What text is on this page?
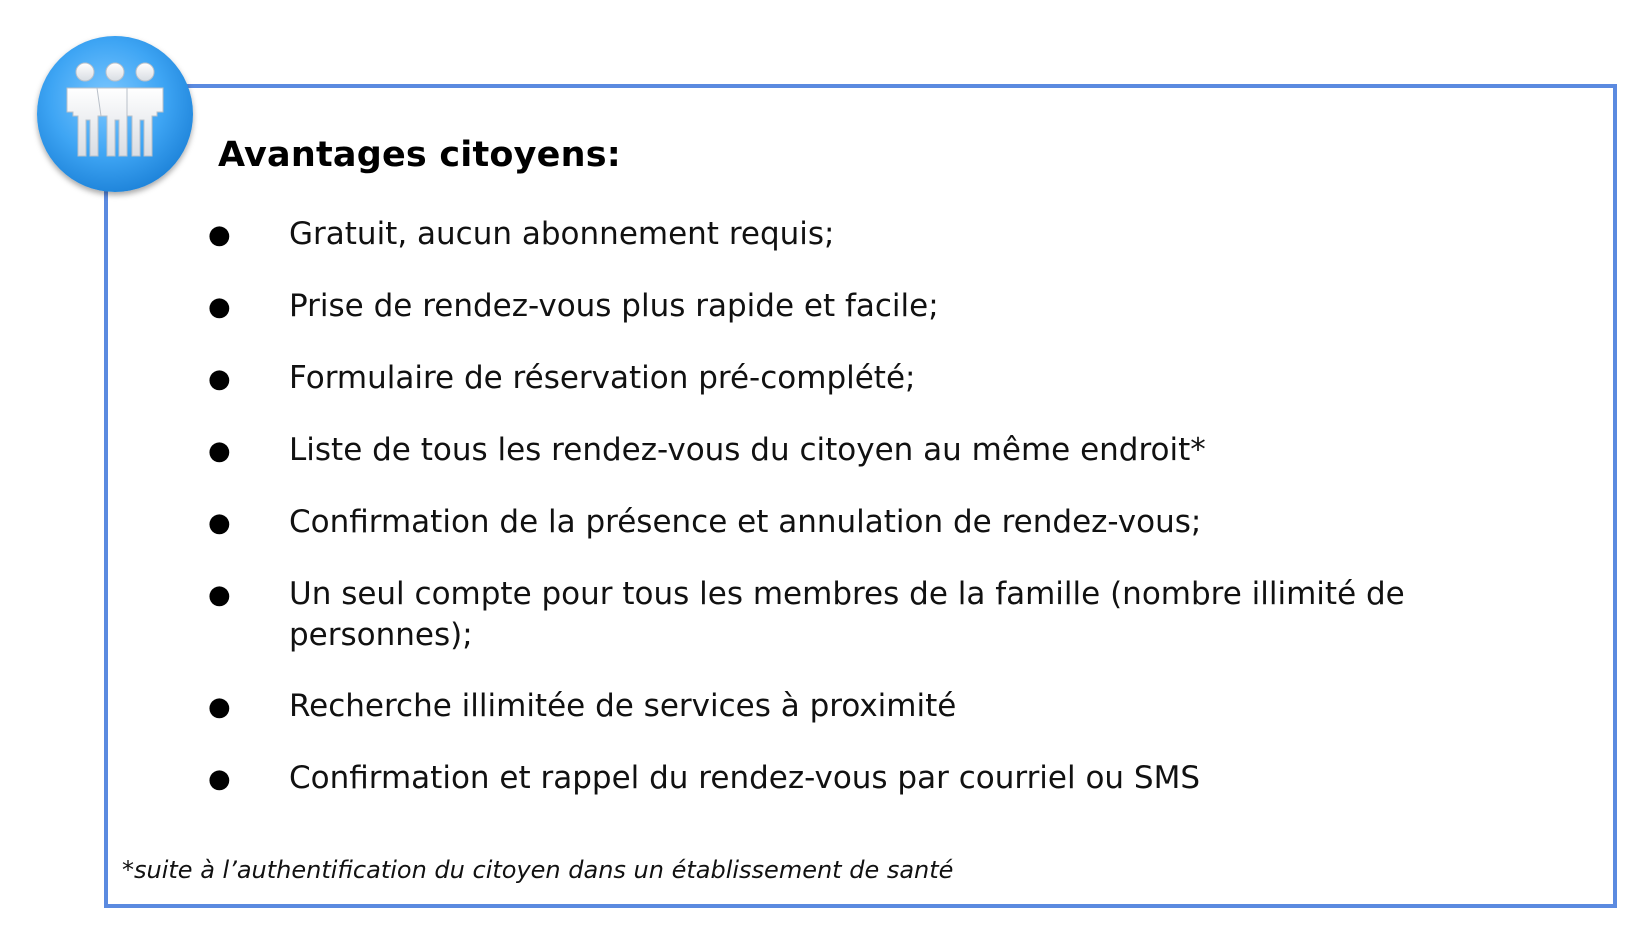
Avantages citoyens:
● Gratuit, aucun abonnement requis;
● Prise de rendez-vous plus rapide et facile;
● Formulaire de réservation pré-complété;
● Liste de tous les rendez-vous du citoyen au même endroit*
● Confirmation de la présence et annulation de rendez-vous;
● Un seul compte pour tous les membres de la famille (nombre illimité de personnes);
● Recherche illimitée de services à proximité
● Confirmation et rappel du rendez-vous par courriel ou SMS
*suite à l’authentification du citoyen dans un établissement de santé
